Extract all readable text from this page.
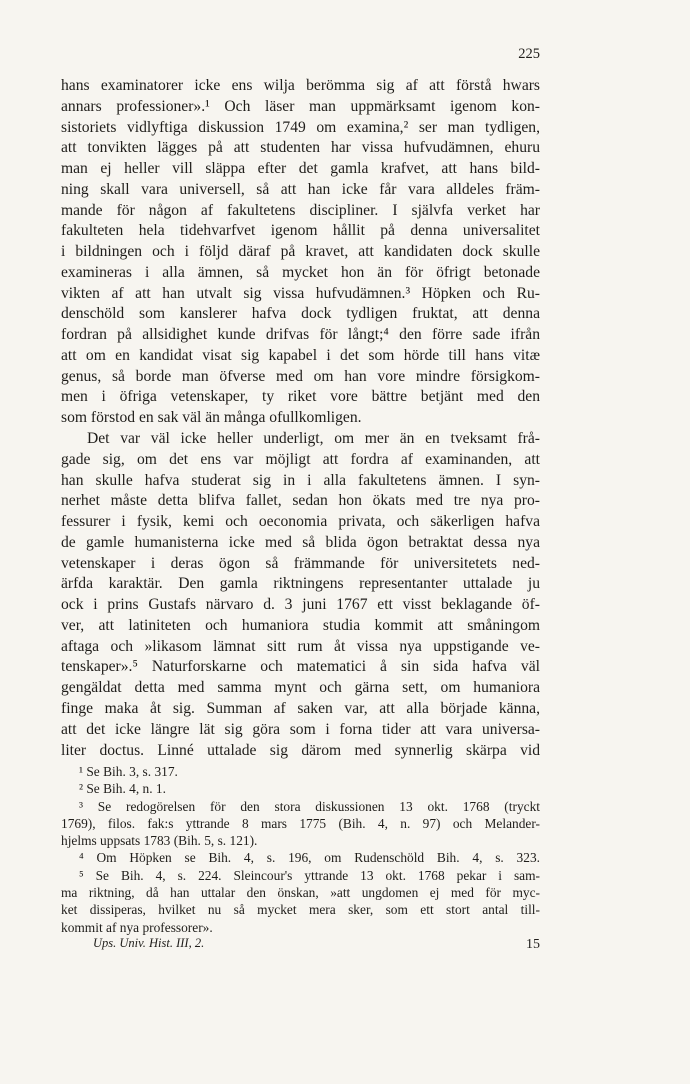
225
hans examinatorer icke ens wilja berömma sig af att förstå hwars
annars professioner».¹ Och läser man uppmärksamt igenom kon-
sistoriets vidlyftiga diskussion 1749 om examina,² ser man tydligen,
att tonvikten lägges på att studenten har vissa hufvudämnen, ehuru
man ej heller vill släppa efter det gamla krafvet, att hans bild-
ning skall vara universell, så att han icke får vara alldeles främ-
mande för någon af fakultetens discipliner. I självfa verket har
fakulteten hela tidehvarfvet igenom hållit på denna universalitet
i bildningen och i följd däraf på kravet, att kandidaten dock skulle
examineras i alla ämnen, så mycket hon än för öfrigt betonade
vikten af att han utvalt sig vissa hufvudämnen.³ Höpken och Ru-
denschöld som kanslerer hafva dock tydligen fruktat, att denna
fordran på allsidighet kunde drifvas för långt;⁴ den förre sade ifrån
att om en kandidat visat sig kapabel i det som hörde till hans vitæ
genus, så borde man öfverse med om han vore mindre försigkom-
men i öfriga vetenskaper, ty riket vore bättre betjänt med den
som förstod en sak väl än många ofullkomligen.
Det var väl icke heller underligt, om mer än en tveksamt frå-
gade sig, om det ens var möjligt att fordra af examinanden, att
han skulle hafva studerat sig in i alla fakultetens ämnen. I syn-
nerhet måste detta blifva fallet, sedan hon ökats med tre nya pro-
fessurer i fysik, kemi och oeconomia privata, och säkerligen hafva
de gamle humanisterna icke med så blida ögon betraktat dessa nya
vetenskaper i deras ögon så främmande för universitetets ned-
ärfda karaktär. Den gamla riktningens representanter uttalade ju
ock i prins Gustafs närvaro d. 3 juni 1767 ett visst beklagande öf-
ver, att latiniteten och humaniora studia kommit att småningom
aftaga och »likasom lämnat sitt rum åt vissa nya uppstigande ve-
tenskaper».⁵ Naturforskarne och matematici å sin sida hafva väl
gengäldat detta med samma mynt och gärna sett, om humaniora
finge maka åt sig. Summan af saken var, att alla började känna,
att det icke längre lät sig göra som i forna tider att vara universa-
liter doctus. Linné uttalade sig därom med synnerlig skärpa vid
¹ Se Bih. 3, s. 317.
² Se Bih. 4, n. 1.
³ Se redogörelsen för den stora diskussionen 13 okt. 1768 (tryckt
1769), filos. fak:s yttrande 8 mars 1775 (Bih. 4, n. 97) och Melander-
hjelms uppsats 1783 (Bih. 5, s. 121).
⁴ Om Höpken se Bih. 4, s. 196, om Rudenschöld Bih. 4, s. 323.
⁵ Se Bih. 4, s. 224. Sleincour's yttrande 13 okt. 1768 pekar i sam-
ma riktning, då han uttalar den önskan, »att ungdomen ej med för myc-
ket dissiperas, hvilket nu så mycket mera sker, som ett stort antal till-
kommit af nya professorer».
Ups. Univ. Hist. III, 2.	15
